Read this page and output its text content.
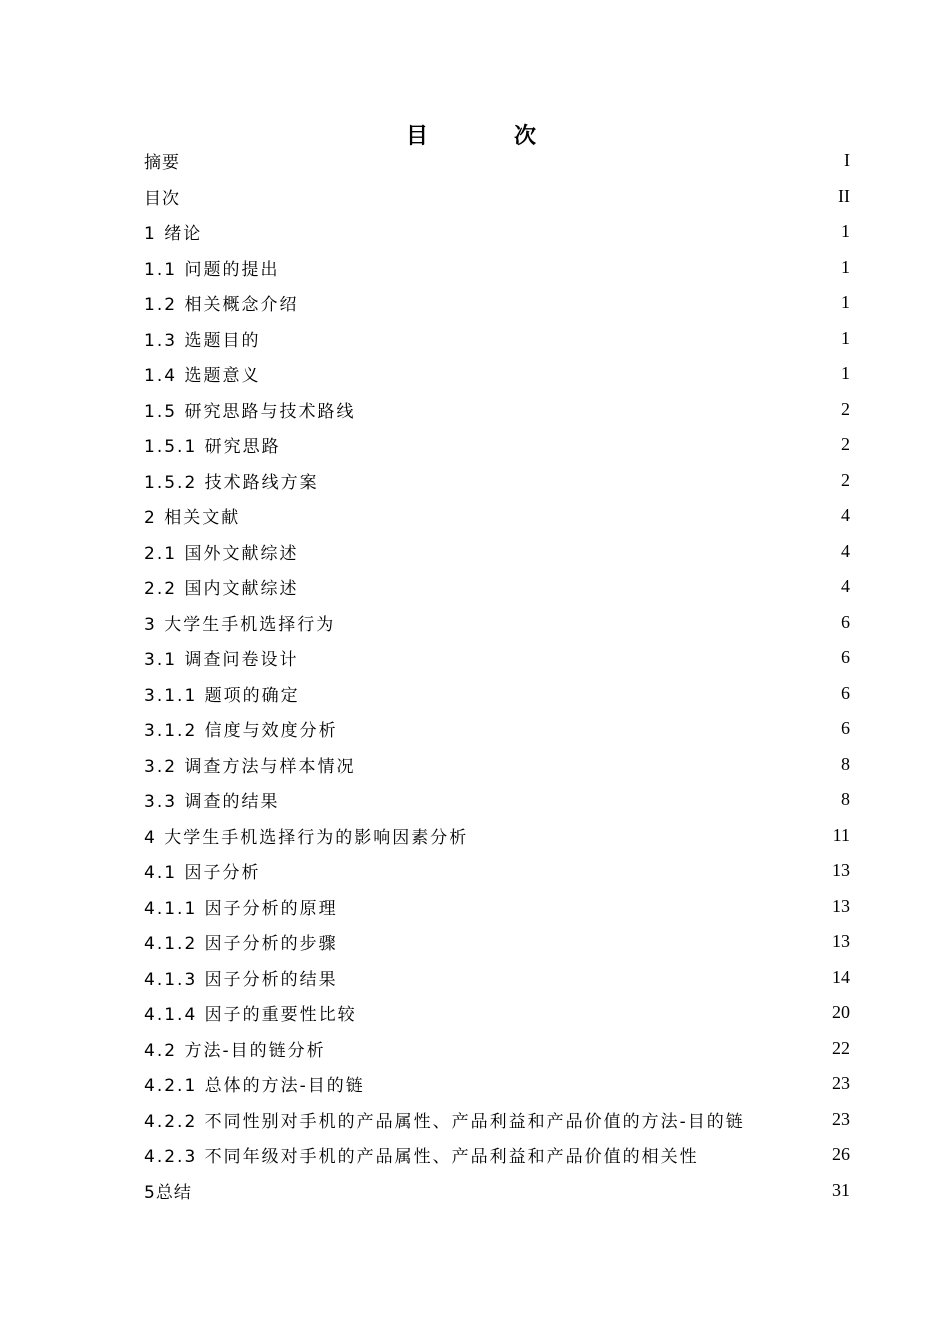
目　次
摘要	I
目次	II
1 绪论	1
1.1 问题的提出	1
1.2 相关概念介绍	1
1.3 选题目的	1
1.4 选题意义	1
1.5 研究思路与技术路线	2
1.5.1 研究思路	2
1.5.2 技术路线方案	2
2 相关文献	4
2.1 国外文献综述	4
2.2 国内文献综述	4
3 大学生手机选择行为	6
3.1 调查问卷设计	6
3.1.1 题项的确定	6
3.1.2 信度与效度分析	6
3.2 调查方法与样本情况	8
3.3 调查的结果	8
4 大学生手机选择行为的影响因素分析	11
4.1 因子分析	13
4.1.1 因子分析的原理	13
4.1.2 因子分析的步骤	13
4.1.3 因子分析的结果	14
4.1.4 因子的重要性比较	20
4.2 方法-目的链分析	22
4.2.1 总体的方法-目的链	23
4.2.2 不同性别对手机的产品属性、产品利益和产品价值的方法-目的链	23
4.2.3 不同年级对手机的产品属性、产品利益和产品价值的相关性	26
5总结	31
